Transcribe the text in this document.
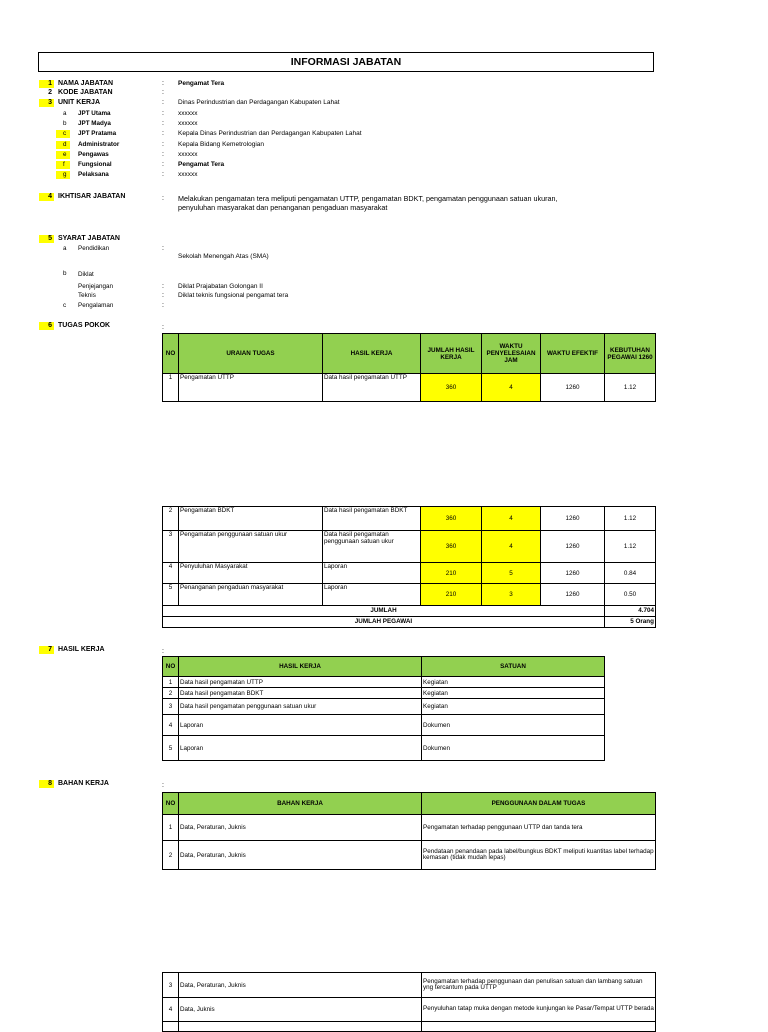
INFORMASI JABATAN
1 NAMA JABATAN	: Pengamat Tera
2 KODE JABATAN	:
3 UNIT KERJA	: Dinas Perindustrian dan Perdagangan Kabupaten Lahat
a	JPT Utama	: xxxxxx
b	JPT Madya	: xxxxxx
c	JPT Pratama	: Kepala Dinas Perindustrian dan Perdagangan Kabupaten Lahat
d	Administrator	: Kepala Bidang Kemetrologian
e	Pengawas	: xxxxxx
f	Fungsional	: Pengamat Tera
g	Pelaksana	: xxxxxx
4 IKHTISAR JABATAN	: Melakukan pengamatan tera meliputi pengamatan UTTP, pengamatan BDKT, pengamatan penggunaan satuan ukuran,
penyuluhan masyarakat dan penanganan pengaduan masyarakat
5 SYARAT JABATAN
a	Pendidikan	:
Sekolah Menengah Atas (SMA)
b	Diklat
Penjejangan	: Diklat Prajabatan Golongan II
Teknis	: Diklat teknis fungsional pengamat tera
c	Pengalaman	:
6 TUGAS POKOK	:
NO	URAIAN TUGAS	HASIL KERJA	JUMLAH HASIL KERJA	WAKTU PENYELESAIAN JAM	WAKTU EFEKTIF	KEBUTUHAN PEGAWAI 1260
1	Pengamatan UTTP	Data hasil pengamatan UTTP	360	4	1260	1.12
2	Pengamatan BDKT	Data hasil pengamatan BDKT	360	4	1260	1.12
3	Pengamatan penggunaan satuan ukur	Data hasil pengamatan penggunaan satuan ukur	360	4	1260	1.12
4	Penyuluhan Masyarakat	Laporan	210	5	1260	0.84
5	Penanganan pengaduan masyarakat	Laporan	210	3	1260	0.50
JUMLAH						4.704
JUMLAH PEGAWAI						5 Orang
7 HASIL KERJA	:
NO	HASIL KERJA	SATUAN
1	Data hasil pengamatan UTTP	Kegiatan
2	Data hasil pengamatan BDKT	Kegiatan
3	Data hasil pengamatan penggunaan satuan ukur	Kegiatan
4	Laporan	Dokumen
5	Laporan	Dokumen
8 BAHAN KERJA	:
NO	BAHAN KERJA	PENGGUNAAN DALAM TUGAS
1	Data, Peraturan, Juknis	Pengamatan terhadap penggunaan UTTP dan tanda tera
2	Data, Peraturan, Juknis	Pendataan penandaan pada label/bungkus BDKT meliputi kuantitas label terhadap kemasan (tidak mudah lepas)
3	Data, Peraturan, Juknis	Pengamatan terhadap penggunaan dan penulisan satuan dan lambang satuan yng tercantum pada UTTP
4	Data, Juknis	Penyuluhan tatap muka dengan metode kunjungan ke Pasar/Tempat UTTP berada
